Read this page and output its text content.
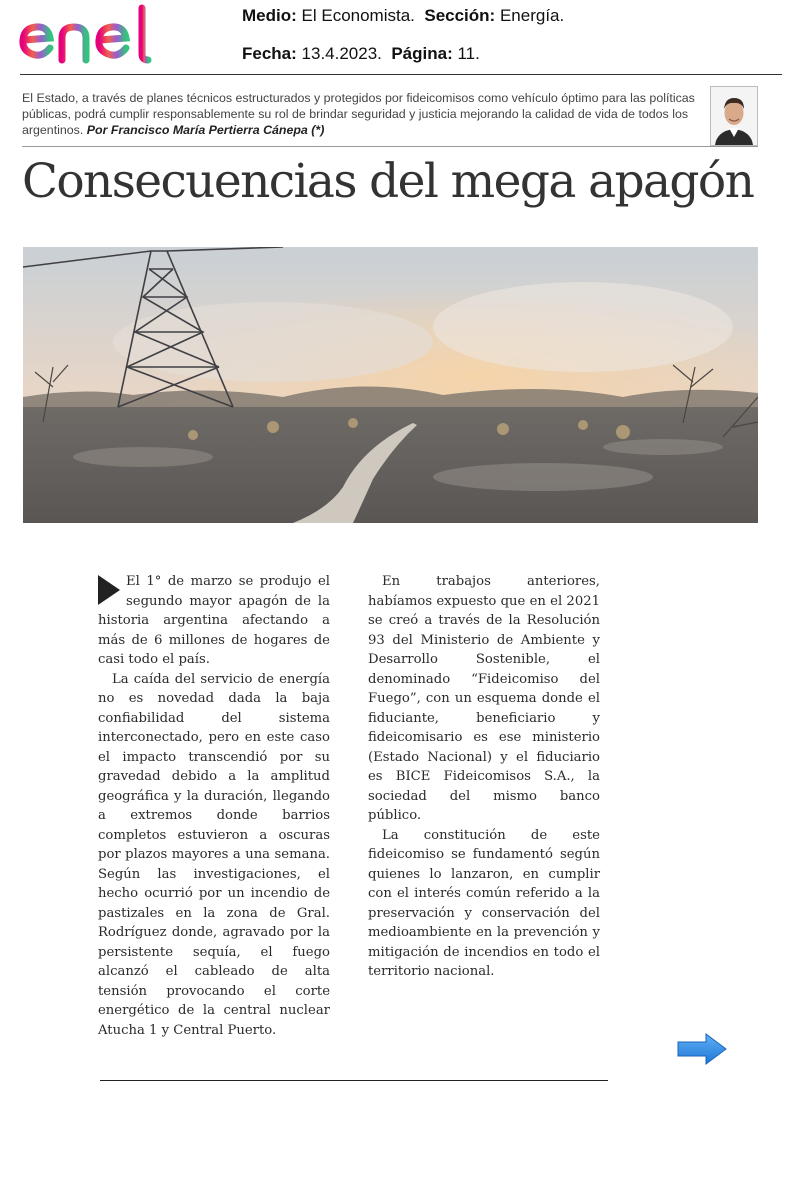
enel
Medio: El Economista. Sección: Energía.
Fecha: 13.4.2023. Página: 11.
El Estado, a través de planes técnicos estructurados y protegidos por fideicomisos como vehículo óptimo para las políticas públicas, podrá cumplir responsablemente su rol de brindar seguridad y justicia mejorando la calidad de vida de todos los argentinos. Por Francisco María Pertierra Cánepa (*)
Consecuencias del mega apagón

El 1° de marzo se produjo el segundo mayor apagón de la historia argentina afectando a más de 6 millones de hogares de casi todo el país.

La caída del servicio de energía no es novedad dada la baja confiabilidad del sistema interconectado, pero en este caso el impacto transcendió por su gravedad debido a la amplitud geográfica y la duración, llegando a extremos donde barrios completos estuvieron a oscuras por plazos mayores a una semana. Según las investigaciones, el hecho ocurrió por un incendio de pastizales en la zona de Gral. Rodríguez donde, agravado por la persistente sequía, el fuego alcanzó el cableado de alta tensión provocando el corte energético de la central nuclear Atucha 1 y Central Puerto.

En trabajos anteriores, habíamos expuesto que en el 2021 se creó a través de la Resolución 93 del Ministerio de Ambiente y Desarrollo Sostenible, el denominado “Fideicomiso del Fuego”, con un esquema donde el fiduciante, beneficiario y fideicomisario es ese ministerio (Estado Nacional) y el fiduciario es BICE Fideicomisos S.A., la sociedad del mismo banco público.

La constitución de este fideicomiso se fundamentó según quienes lo lanzaron, en cumplir con el interés común referido a la preservación y conservación del medioambiente en la prevención y mitigación de incendios en todo el territorio nacional.
